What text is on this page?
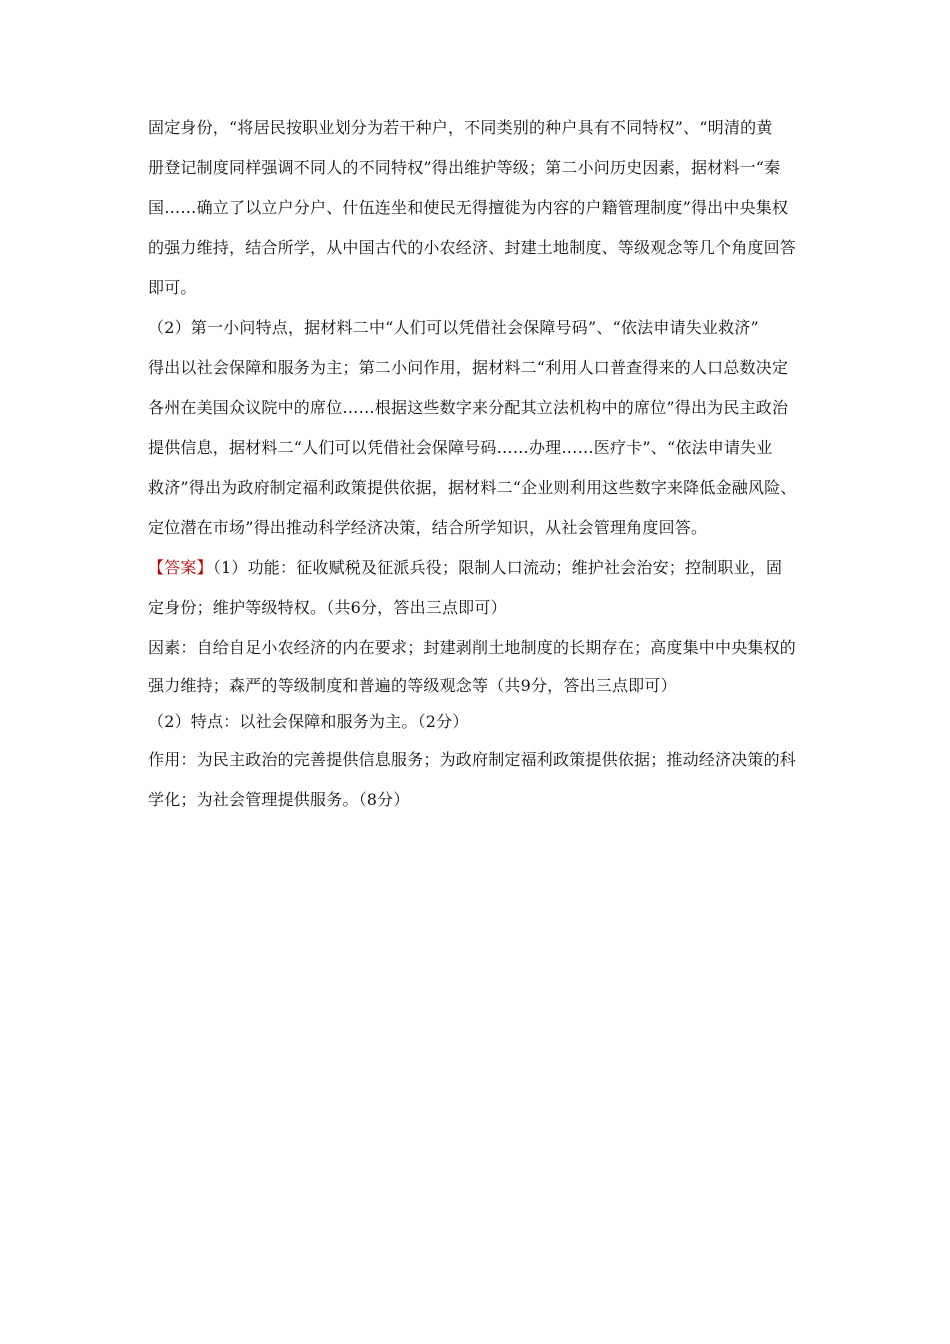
固定身份，“将居民按职业划分为若干种户，不同类别的种户具有不同特权”、“明清的黄
册登记制度同样强调不同人的不同特权”得出维护等级；第二小问历史因素，据材料一“秦
国……确立了以立户分户、什伍连坐和使民无得擅徙为内容的户籍管理制度”得出中央集权
的强力维持，结合所学，从中国古代的小农经济、封建土地制度、等级观念等几个角度回答
即可。
（2）第一小问特点，据材料二中“人们可以凭借社会保障号码”、“依法申请失业救济”
得出以社会保障和服务为主；第二小问作用，据材料二“利用人口普查得来的人口总数决定
各州在美国众议院中的席位……根据这些数字来分配其立法机构中的席位”得出为民主政治
提供信息，据材料二“人们可以凭借社会保障号码……办理……医疗卡”、“依法申请失业
救济”得出为政府制定福利政策提供依据，据材料二“企业则利用这些数字来降低金融风险、
定位潜在市场”得出推动科学经济决策，结合所学知识，从社会管理角度回答。
【答案】（1）功能：征收赋税及征派兵役；限制人口流动；维护社会治安；控制职业，固
定身份；维护等级特权。（共6分，答出三点即可）
因素：自给自足小农经济的内在要求；封建剥削土地制度的长期存在；高度集中中央集权的
强力维持；森严的等级制度和普遍的等级观念等（共9分，答出三点即可）
（2）特点：以社会保障和服务为主。（2分）
作用：为民主政治的完善提供信息服务；为政府制定福利政策提供依据；推动经济决策的科
学化；为社会管理提供服务。（8分）
